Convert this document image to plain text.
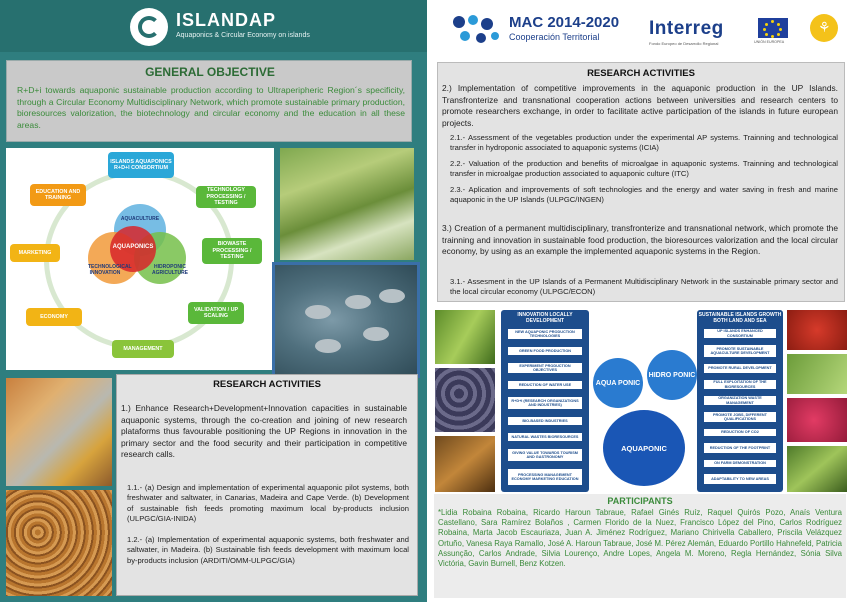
ISLANDAP
Aquaponics & Circular Economy on islands
GENERAL OBJECTIVE
R+D+i towards aquaponic sustainable production according to Ultraperipheric Region´s specificity, through a Circular Economy Multidisciplinary Network, which promote sustainable primary production, bioresources valorization, the biotechnology and circular economy and the education in all these areas.
ISLANDS AQUAPONICS R+D+I CONSORTIUM
TECHNOLOGY PROCESSING / TESTING
BIOWASTE PROCESSING / TESTING
VALIDATION / UP SCALING
MANAGEMENT
ECONOMY
MARKETING
EDUCATION AND TRAINING
AQUACULTURE
AQUAPONICS
TECHNOLOGICAL INNOVATION
HIDROPONIC AGRICULTURE
RESEARCH ACTIVITIES
1.) Enhance Research+Development+Innovation capacities in sustainable aquaponic systems, through the co-creation and joining of new research plataforms thus favourable positioning the UP Regions in innovation in the primary sector and the food security and their participation in competitive research calls.
1.1.- (a) Design and implementation of experimental aquaponic pilot systems, both freshwater and saltwater, in Canarias, Madeira and Cape Verde. (b) Development of sustainable fish feeds promoting maximum local by-products inclusion (ULPGC/GIA-INIDA)
1.2.- (a) Implementation of experimental aquaponic systems, both freshwater and saltwater, in Madeira. (b) Sustainable fish feeds development with maximum local by-products inclusion (ARDITI/OMM-ULPGC/GIA)
MAC 2014-2020
Cooperación Territorial	Interreg
Fondo Europeo de Desarrollo Regional	UNIÓN EUROPEA
⚘
RESEARCH ACTIVITIES
2.) Implementation of competitive improvements in the aquaponic production in the UP Islands. Transfronterize and transnational cooperation actions between universities and research centers to promote researchers exchange, in order to facilitate active participation of the islands in future european projects.
2.1.- Assessment of the vegetables production under the experimental AP systems. Trainning and technological transfer in hydroponic associated to aquaponic systems (ICIA)
2.2.- Valuation of the production and benefits of microalgae in aquaponic systems. Trainning and technological transfer in microalgae production associated to aquaponic culture (ITC)
2.3.- Aplication and improvements of soft technologies and the energy and water saving in fresh and marine aquaponic in the UP Islands (ULPGC/INGEN)
3.) Creation of a permanent multidisciplinary, transfronterize and transnational network, which promote the trainning and innovation in sustainable food production, the bioresources valorization and the local circular economy, by using as an example the implemented aquaponic systems in the Region.
3.1.- Assesment in the UP Islands of a Permanent Multidisciplinary Network in the sustainable primary sector and the local circular economy (ULPGC/ECON)
INNOVATION LOCALLY DEVELOPMENT
NEW AQUAPONIC PRODUCTION TECHNOLOGIES
GREEN FOOD PRODUCTION
EXPERIMENT PRODUCTION OBJECTIVES
REDUCTION OF WATER USE
R+D+I (RESEARCH ORGANIZATIONS AND INDUSTRIES)
BIO-BASED INDUSTRIES
NATURAL WASTES BIORESOURCES
GIVING VALUE TOWARDS TOURISM AND GASTRONOMY
PROCESSING MANAGEMENT ECONOMY MARKETING EDUCATION
AQUA PONIC
HIDRO PONIC
AQUAPONIC
SUSTAINABLE ISLANDS GROWTH BOTH LAND AND SEA
UP ISLANDS ENHANCED CONSORTIUM
PROMOTE SUSTAINABLE AQUACULTURE DEVELOPMENT
PROMOTE RURAL DEVELOPMENT
FULL EXPLOITATION OF THE BIORESOURCES
ORGANIZATION WASTE MANAGEMENT
PROMOTE JOBS, DIFFERENT QUALIFICATIONS
REDUCTION OF CO2
REDUCTION OF THE FOOTPRINT
ON FARM DEMONSTRATION
ADAPTABILITY TO NEW AREAS
PARTICIPANTS
*Lidia Robaina Robaina, Ricardo Haroun Tabraue, Rafael Ginés Ruíz, Raquel Quirós Pozo, Anaís Ventura Castellano, Sara Ramírez Bolaños , Carmen Florido de la Nuez, Francisco López del Pino, Carlos Rodríguez Robaina, Marta Jacob Escauriaza, Juan A. Jiménez Rodríguez, Mariano Chirivella Caballero, Priscila Velázquez Ortuño, Vanesa Raya Ramallo, José A. Haroun Tabraue, José M. Pérez Alemán, Eduardo Portillo Hahnefeld, Patricia Assunção, Carlos Andrade, Silvia Lourenço, Andre Lopes, Angela M. Moreno, Regla Hernández, Sónia Silva Victória, Gavin Burnell, Benz Kotzen.
